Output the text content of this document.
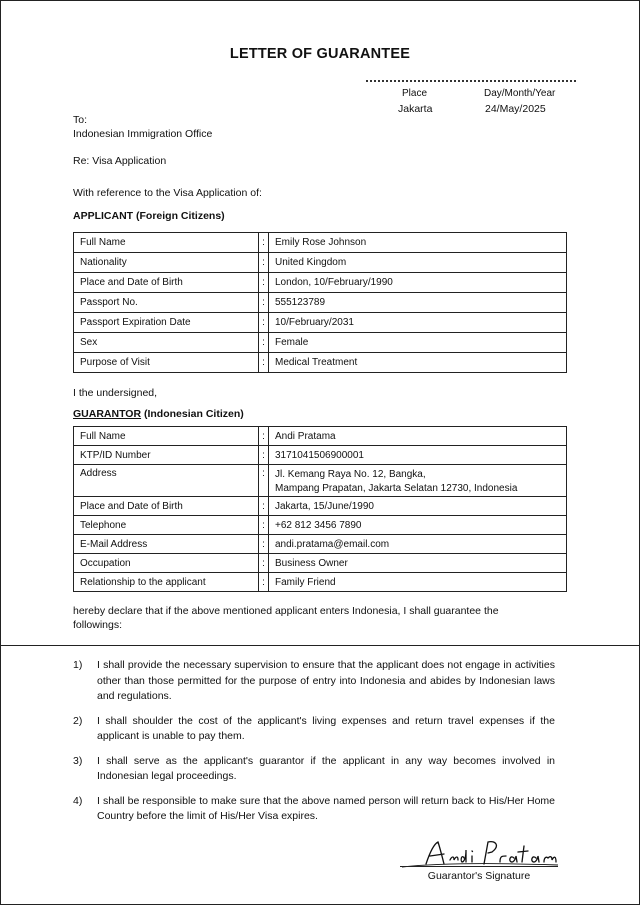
LETTER OF GUARANTEE
Place	Day/Month/Year
Jakarta	24/May/2025
To:
Indonesian Immigration Office
Re: Visa Application
With reference to the Visa Application of:
APPLICANT (Foreign Citizens)
Full Name	:	Emily Rose Johnson
Nationality	:	United Kingdom
Place and Date of Birth	:	London, 10/February/1990
Passport No.	:	555123789
Passport Expiration Date	:	10/February/2031
Sex	:	Female
Purpose of Visit	:	Medical Treatment
I the undersigned,
GUARANTOR (Indonesian Citizen)
Full Name	:	Andi Pratama
KTP/ID Number	:	3171041506900001
Address	:	Jl. Kemang Raya No. 12, Bangka,
Mampang Prapatan, Jakarta Selatan 12730, Indonesia

Place and Date of Birth	:	Jakarta, 15/June/1990
Telephone	:	+62 812 3456 7890
E-Mail Address	:	andi.pratama@email.com
Occupation	:	Business Owner
Relationship to the applicant	:	Family Friend
hereby declare that if the above mentioned applicant enters Indonesia, I shall guarantee the followings:
1)	I shall provide the necessary supervision to ensure that the applicant does not engage in activities other than those permitted for the purpose of entry into Indonesia and abides by Indonesian laws and regulations.
2)	I shall shoulder the cost of the applicant's living expenses and return travel expenses if the applicant is unable to pay them.
3)	I shall serve as the applicant's guarantor if the applicant in any way becomes involved in Indonesian legal proceedings.
4)	I shall be responsible to make sure that the above named person will return back to His/Her Home Country before the limit of His/Her Visa expires.
Guarantor's Signature
